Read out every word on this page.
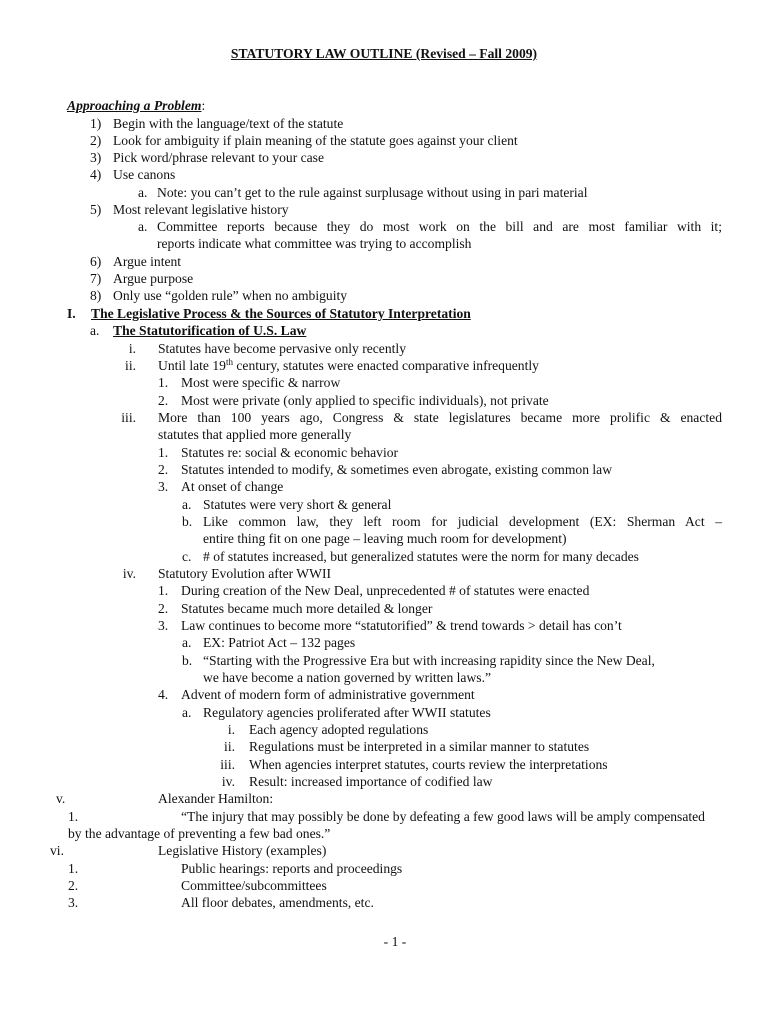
STATUTORY LAW OUTLINE (Revised – Fall 2009)
Approaching a Problem:
1) Begin with the language/text of the statute
2) Look for ambiguity if plain meaning of the statute goes against your client
3) Pick word/phrase relevant to your case
4) Use canons
a. Note: you can’t get to the rule against surplusage without using in pari material
5) Most relevant legislative history
a. Committee reports because they do most work on the bill and are most familiar with it;
reports indicate what committee was trying to accomplish
6) Argue intent
7) Argue purpose
8) Only use “golden rule” when no ambiguity
I. The Legislative Process & the Sources of Statutory Interpretation
a. The Statutorification of U.S. Law
i. Statutes have become pervasive only recently
ii. Until late 19th century, statutes were enacted comparative infrequently
1. Most were specific & narrow
2. Most were private (only applied to specific individuals), not private
iii. More than 100 years ago, Congress & state legislatures became more prolific & enacted
statutes that applied more generally
1. Statutes re: social & economic behavior
2. Statutes intended to modify, & sometimes even abrogate, existing common law
3. At onset of change
a. Statutes were very short & general
b. Like common law, they left room for judicial development (EX: Sherman Act –
entire thing fit on one page – leaving much room for development)
c. # of statutes increased, but generalized statutes were the norm for many decades
iv. Statutory Evolution after WWII
1. During creation of the New Deal, unprecedented # of statutes were enacted
2. Statutes became much more detailed & longer
3. Law continues to become more “statutorified” & trend towards > detail has con’t
a. EX: Patriot Act – 132 pages
b. “Starting with the Progressive Era but with increasing rapidity since the New Deal,
we have become a nation governed by written laws.”
4. Advent of modern form of administrative government
a. Regulatory agencies proliferated after WWII statutes
i. Each agency adopted regulations
ii. Regulations must be interpreted in a similar manner to statutes
iii. When agencies interpret statutes, courts review the interpretations
iv. Result: increased importance of codified law
v.	Alexander Hamilton:
1.	“The injury that may possibly be done by defeating a few good laws will be amply compensated
by the advantage of preventing a few bad ones.”
vi.	Legislative History (examples)
1.	Public hearings: reports and proceedings
2.	Committee/subcommittees
3.	All floor debates, amendments, etc.
- 1 -
